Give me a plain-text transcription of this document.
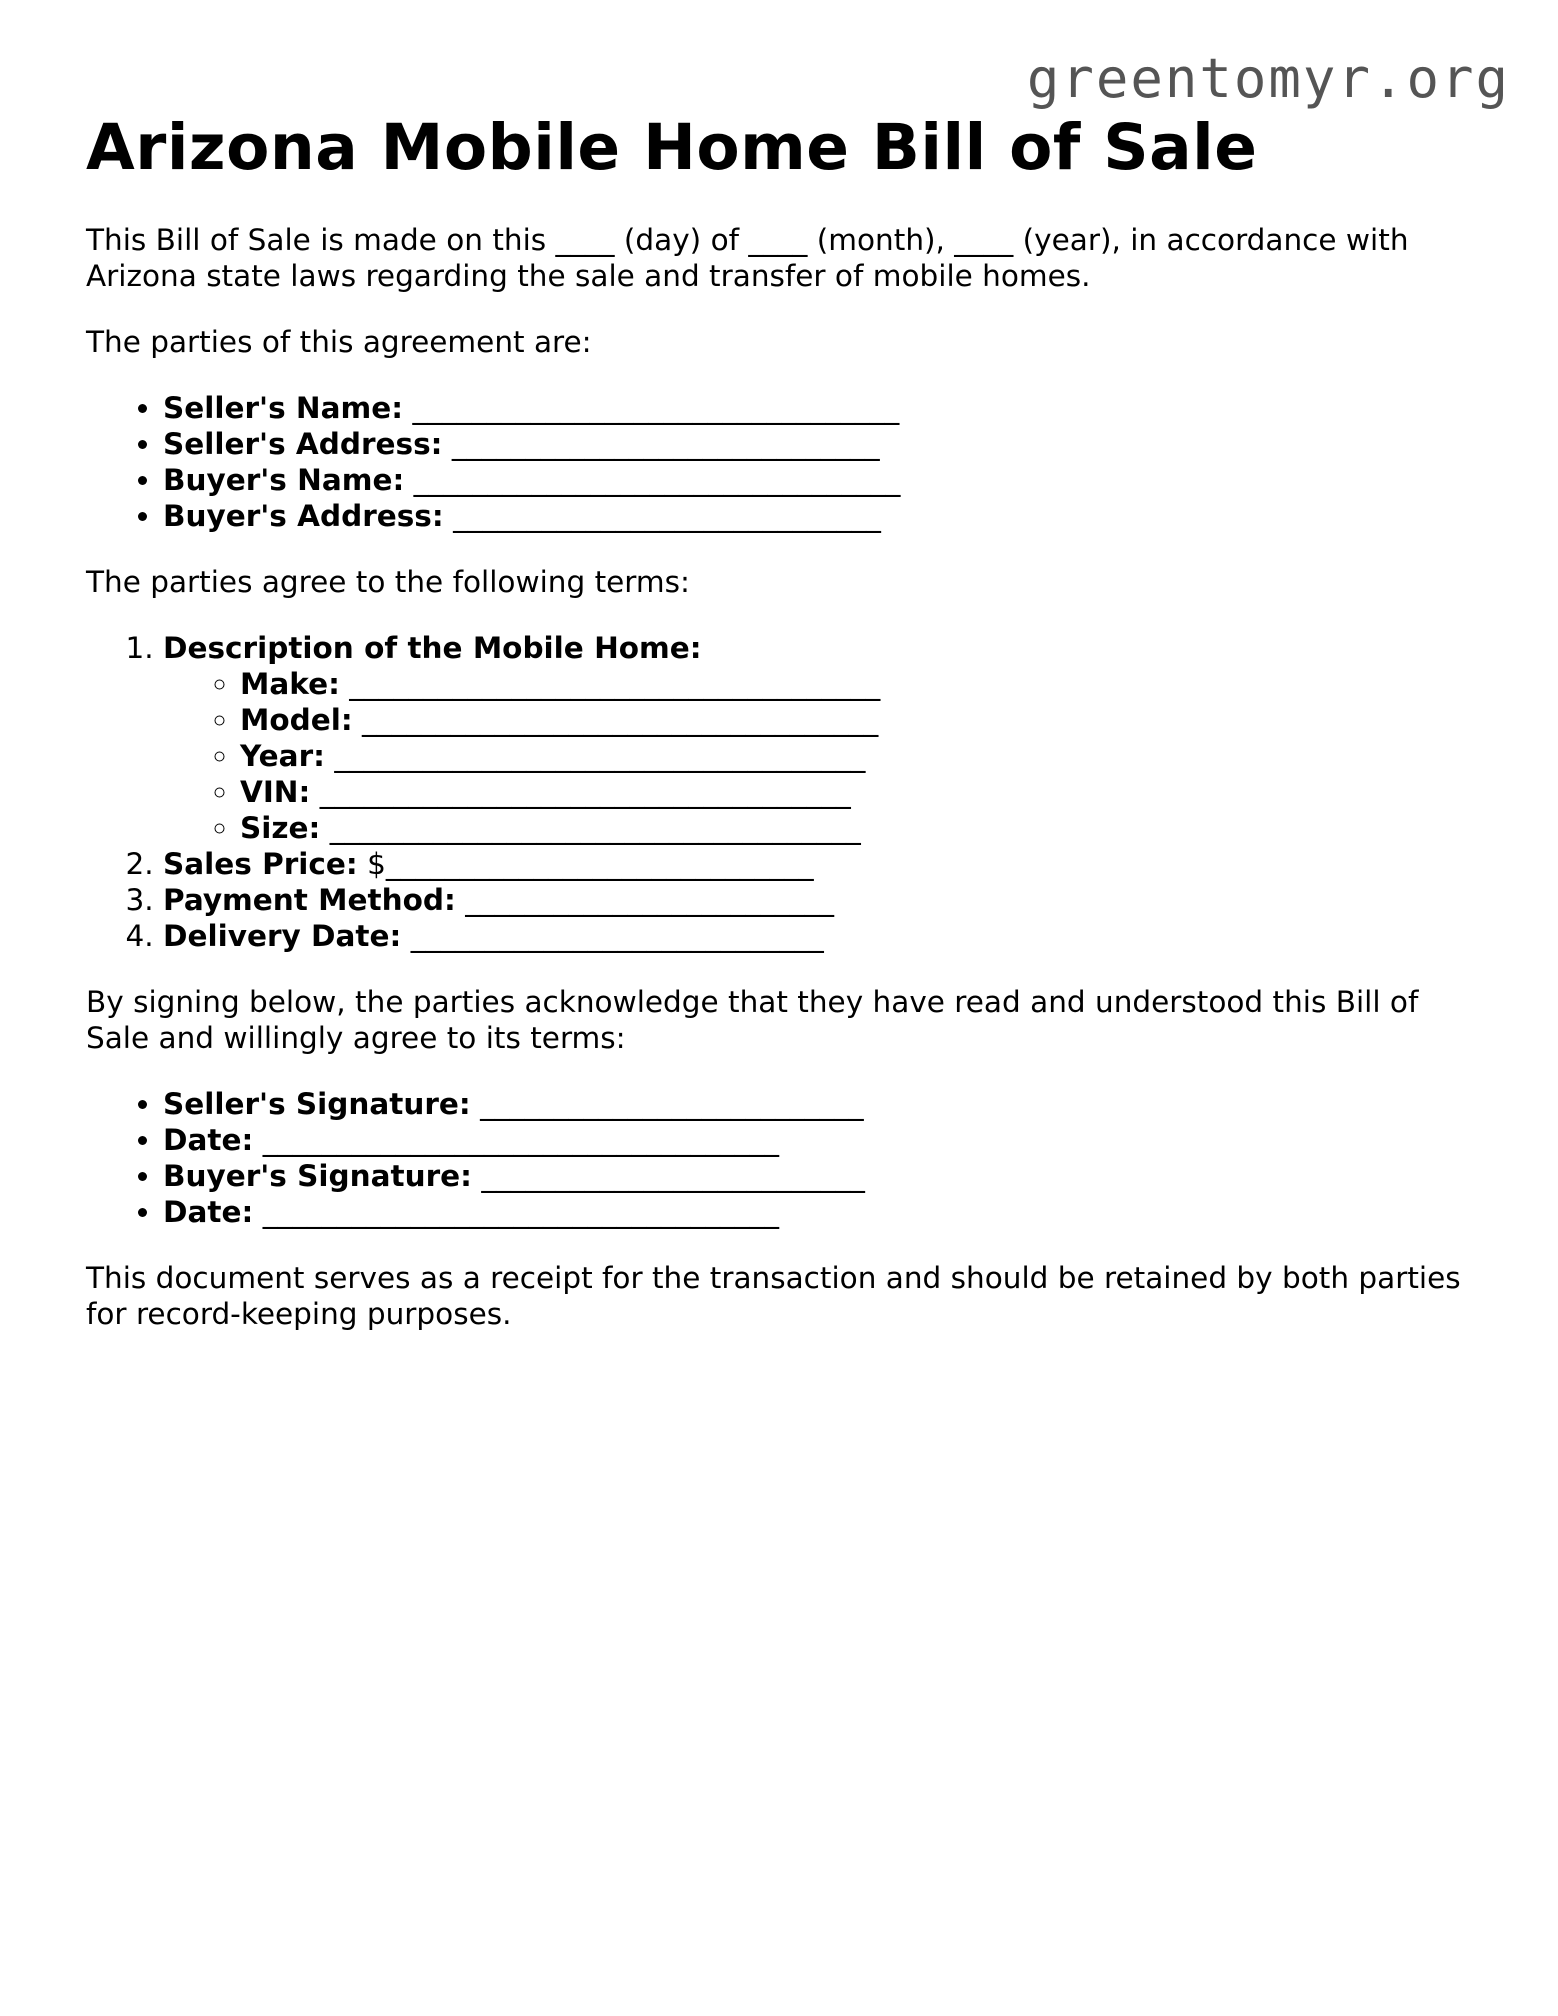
greentomyr.org
Arizona Mobile Home Bill of Sale

This Bill of Sale is made on this ____ (day) of ____ (month), ____ (year), in accordance with Arizona state laws regarding the sale and transfer of mobile homes.

The parties of this agreement are:

• Seller's Name: _________________________________
• Seller's Address: _____________________________
• Buyer's Name: _________________________________
• Buyer's Address: _____________________________

The parties agree to the following terms:

1. Description of the Mobile Home:
◦ Make: ____________________________________
◦ Model: ___________________________________
◦ Year: ____________________________________
◦ VIN: ____________________________________
◦ Size: ____________________________________
2. Sales Price: $_____________________________
3. Payment Method: _________________________
4. Delivery Date: ____________________________

By signing below, the parties acknowledge that they have read and understood this Bill of Sale and willingly agree to its terms:

• Seller's Signature: __________________________
• Date: ___________________________________
• Buyer's Signature: __________________________
• Date: ___________________________________

This document serves as a receipt for the transaction and should be retained by both parties for record-keeping purposes.
